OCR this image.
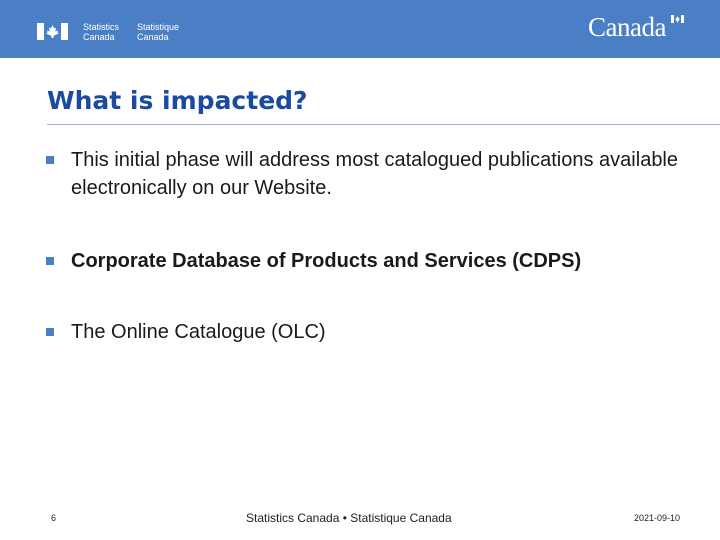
Statistics
Canada
Statistique
Canada	Canada
What is impacted?
This initial phase will address most catalogued publications available electronically on our Website.
Corporate Database of Products and Services (CDPS)
The Online Catalogue (OLC)
6	Statistics Canada • Statistique Canada	2021-09-10
